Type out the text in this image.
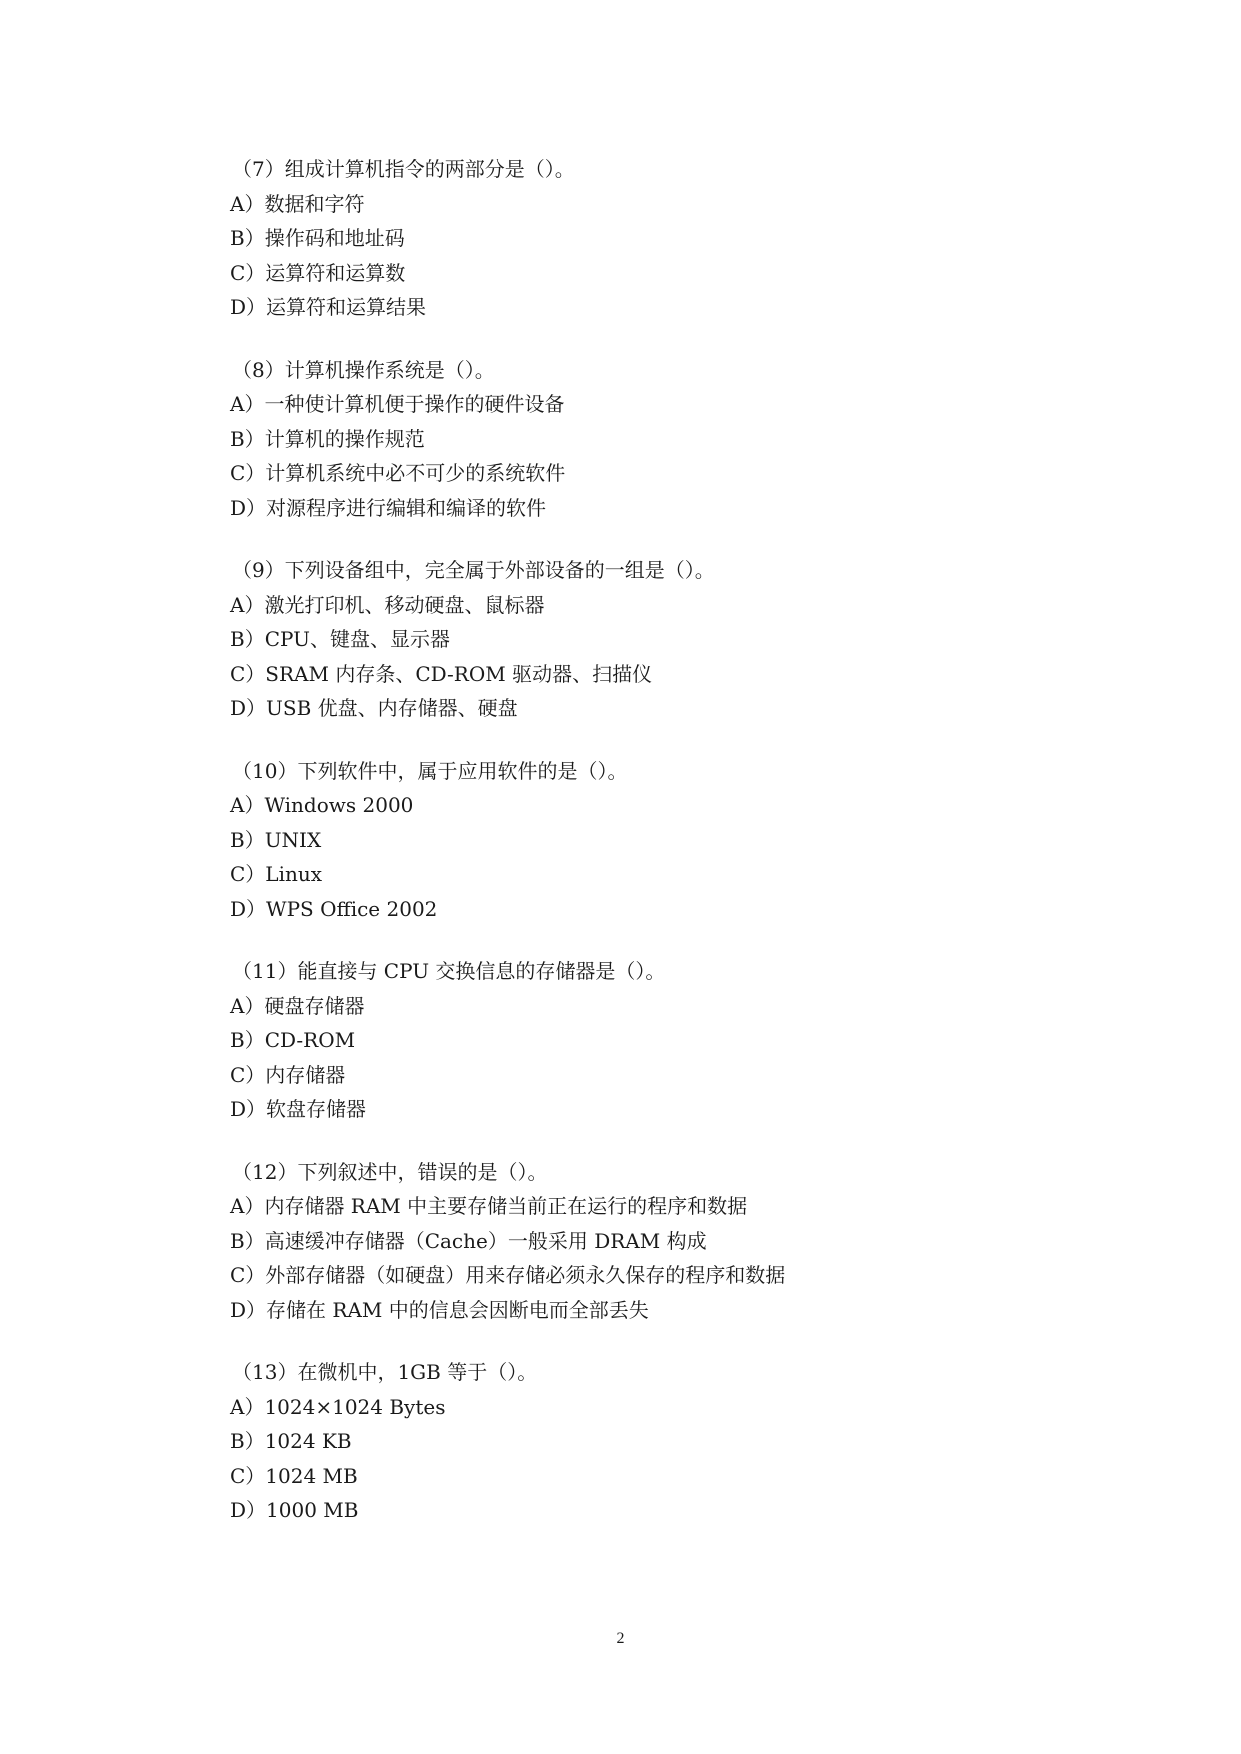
（7）组成计算机指令的两部分是（）。
A）数据和字符
B）操作码和地址码
C）运算符和运算数
D）运算符和运算结果
（8）计算机操作系统是（）。
A）一种使计算机便于操作的硬件设备
B）计算机的操作规范
C）计算机系统中必不可少的系统软件
D）对源程序进行编辑和编译的软件
（9）下列设备组中，完全属于外部设备的一组是（）。
A）激光打印机、移动硬盘、鼠标器
B）CPU、键盘、显示器
C）SRAM 内存条、CD-ROM 驱动器、扫描仪
D）USB 优盘、内存储器、硬盘
（10）下列软件中，属于应用软件的是（）。
A）Windows 2000
B）UNIX
C）Linux
D）WPS Office 2002
（11）能直接与 CPU 交换信息的存储器是（）。
A）硬盘存储器
B）CD-ROM
C）内存储器
D）软盘存储器
（12）下列叙述中，错误的是（）。
A）内存储器 RAM 中主要存储当前正在运行的程序和数据
B）高速缓冲存储器（Cache）一般采用 DRAM 构成
C）外部存储器（如硬盘）用来存储必须永久保存的程序和数据
D）存储在 RAM 中的信息会因断电而全部丢失
（13）在微机中，1GB 等于（）。
A）1024×1024 Bytes
B）1024 KB
C）1024 MB
D）1000 MB
2
